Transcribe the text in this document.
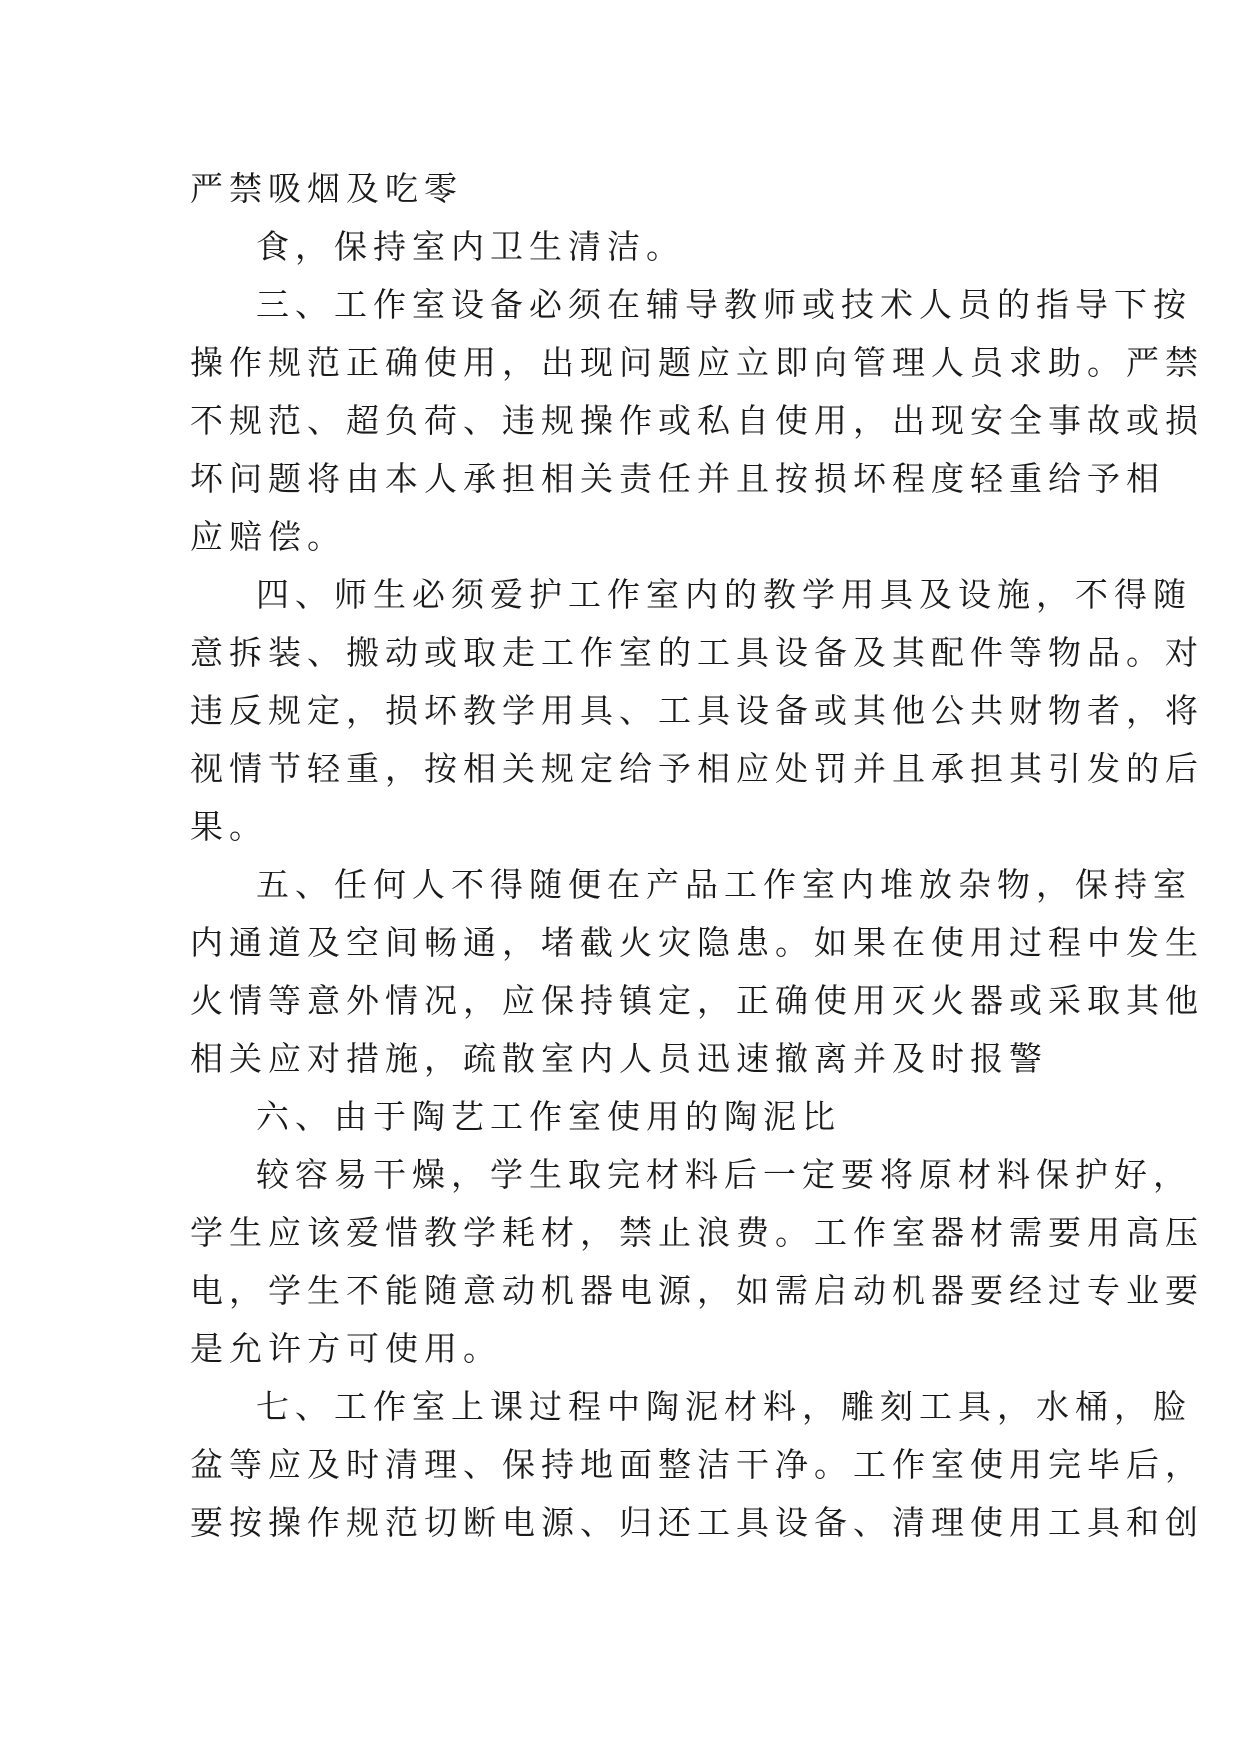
严禁吸烟及吃零
食，保持室内卫生清洁。
三、工作室设备必须在辅导教师或技术人员的指导下按
操作规范正确使用，出现问题应立即向管理人员求助。严禁
不规范、超负荷、违规操作或私自使用，出现安全事故或损
坏问题将由本人承担相关责任并且按损坏程度轻重给予相
应赔偿。
四、师生必须爱护工作室内的教学用具及设施，不得随
意拆装、搬动或取走工作室的工具设备及其配件等物品。对
违反规定，损坏教学用具、工具设备或其他公共财物者，将
视情节轻重，按相关规定给予相应处罚并且承担其引发的后
果。
五、任何人不得随便在产品工作室内堆放杂物，保持室
内通道及空间畅通，堵截火灾隐患。如果在使用过程中发生
火情等意外情况，应保持镇定，正确使用灭火器或采取其他
相关应对措施，疏散室内人员迅速撤离并及时报警
六、由于陶艺工作室使用的陶泥比
较容易干燥，学生取完材料后一定要将原材料保护好，
学生应该爱惜教学耗材，禁止浪费。工作室器材需要用高压
电，学生不能随意动机器电源，如需启动机器要经过专业要
是允许方可使用。
七、工作室上课过程中陶泥材料，雕刻工具，水桶，脸
盆等应及时清理、保持地面整洁干净。工作室使用完毕后，
要按操作规范切断电源、归还工具设备、清理使用工具和创
